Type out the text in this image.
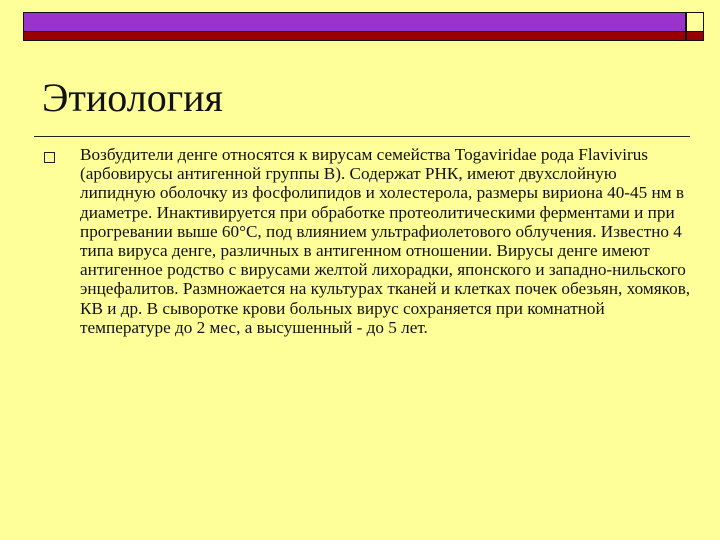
Этиология
Возбудители денге относятся к вирусам семейства Togaviridae рода Flavivirus (арбовирусы антигенной группы В). Содержат РНК, имеют двухслойную липидную оболочку из фосфолипидов и холестерола, размеры вириона 40-45 нм в диаметре. Инактивируется при обработке протеолитическими ферментами и при прогревании выше 60°С, под влиянием ультрафиолетового облучения. Известно 4 типа вируса денге, различных в антигенном отношении. Вирусы денге имеют антигенное родство с вирусами желтой лихорадки, японского и западно-нильского энцефалитов. Размножается на культурах тканей и клетках почек обезьян, хомяков, КВ и др. В сыворотке крови больных вирус сохраняется при комнатной температуре до 2 мес, а высушенный - до 5 лет.
